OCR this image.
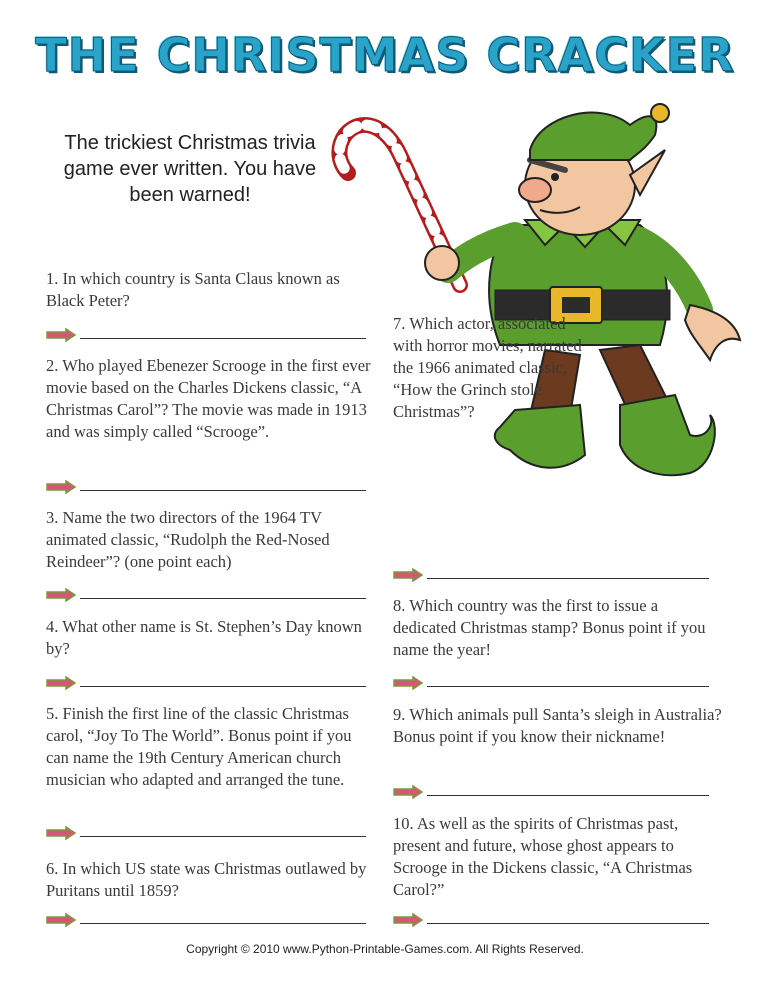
THE CHRISTMAS CRACKER
The trickiest Christmas trivia game ever written. You have been warned!
1. In which country is Santa Claus known as Black Peter?
2. Who played Ebenezer Scrooge in the first ever movie based on the Charles Dickens classic, “A Christmas Carol”? The movie was made in 1913 and was simply called “Scrooge”.
3. Name the two directors of the 1964 TV animated classic, “Rudolph the Red-Nosed Reindeer”? (one point each)
4. What other name is St. Stephen’s Day known by?
5. Finish the first line of the classic Christmas carol, “Joy To The World”. Bonus point if you can name the 19th Century American church musician who adapted and arranged the tune.
6. In which US state was Christmas outlawed by Puritans until 1859?
7. Which actor, associated with horror movies, narrated the 1966 animated classic, “How the Grinch stole Christmas”?
8. Which country was the first to issue a dedicated Christmas stamp? Bonus point if you name the year!
9. Which animals pull Santa’s sleigh in Australia? Bonus point if you know their nickname!
10. As well as the spirits of Christmas past, present and future, whose ghost appears to Scrooge in the Dickens classic, “A Christmas Carol?”
Copyright © 2010 www.Python-Printable-Games.com. All Rights Reserved.
